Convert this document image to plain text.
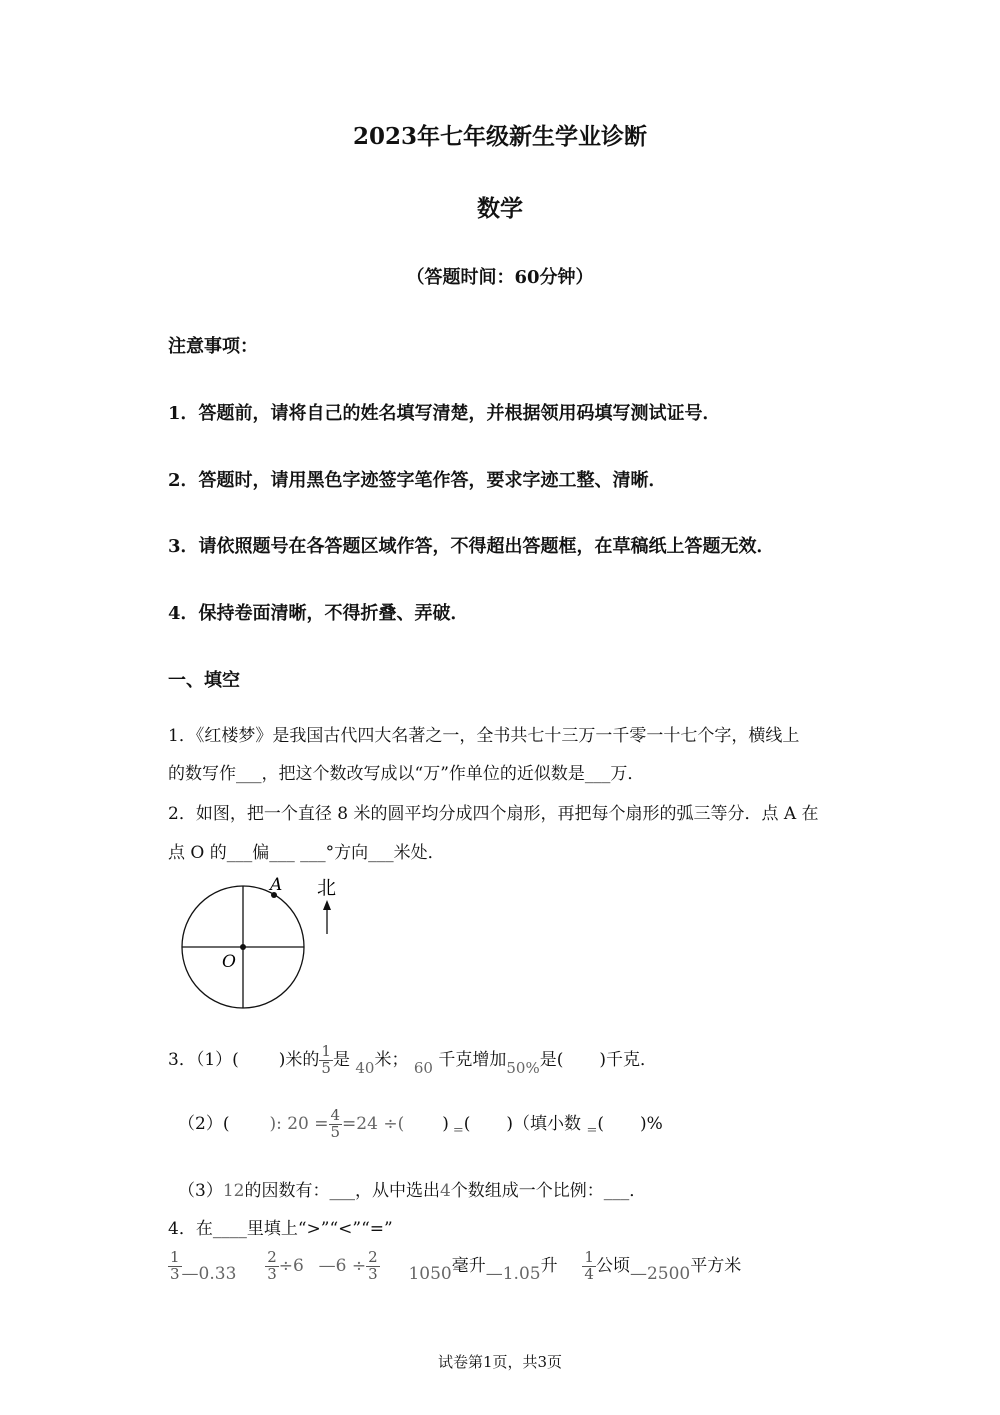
2023年七年级新生学业诊断
数学
（答题时间：60分钟）
注意事项：
1．答题前，请将自己的姓名填写清楚，并根据领用码填写测试证号．
2．答题时，请用黑色字迹签字笔作答，要求字迹工整、清晰．
3．请依照题号在各答题区域作答，不得超出答题框，在草稿纸上答题无效．
4．保持卷面清晰，不得折叠、弄破．
一、填空
1．《红楼梦》是我国古代四大名著之一，全书共七十三万一千零一十七个字，横线上
的数写作___，把这个数改写成以“万”作单位的近似数是___万．
2．如图，把一个直径 8 米的圆平均分成四个扇形，再把每个扇形的弧三等分．点 A 在
点 O 的___偏___ ___°方向___米处．
A
O
北
3．（1）( )米的 $\frac{1}{5}$ 是 40米； 60 千克增加50%是( )千克．
（2）( ): $20 = \frac{4}{5} =24$ ÷( ) $_=$( )（填小数 $_=$( )%
（3）12的因数有：___，从中选出4个数组成一个比例：___．
4．在____里填上“>”“<”“=”
$\frac{1}{3}$ —0.33 $\frac{2}{3} \div 6$ —6 ÷ $\frac{2}{3} 1050$毫升—1.05升 $\frac{1}{4}$ 公顷—2500平方米
试卷第1页，共3页
